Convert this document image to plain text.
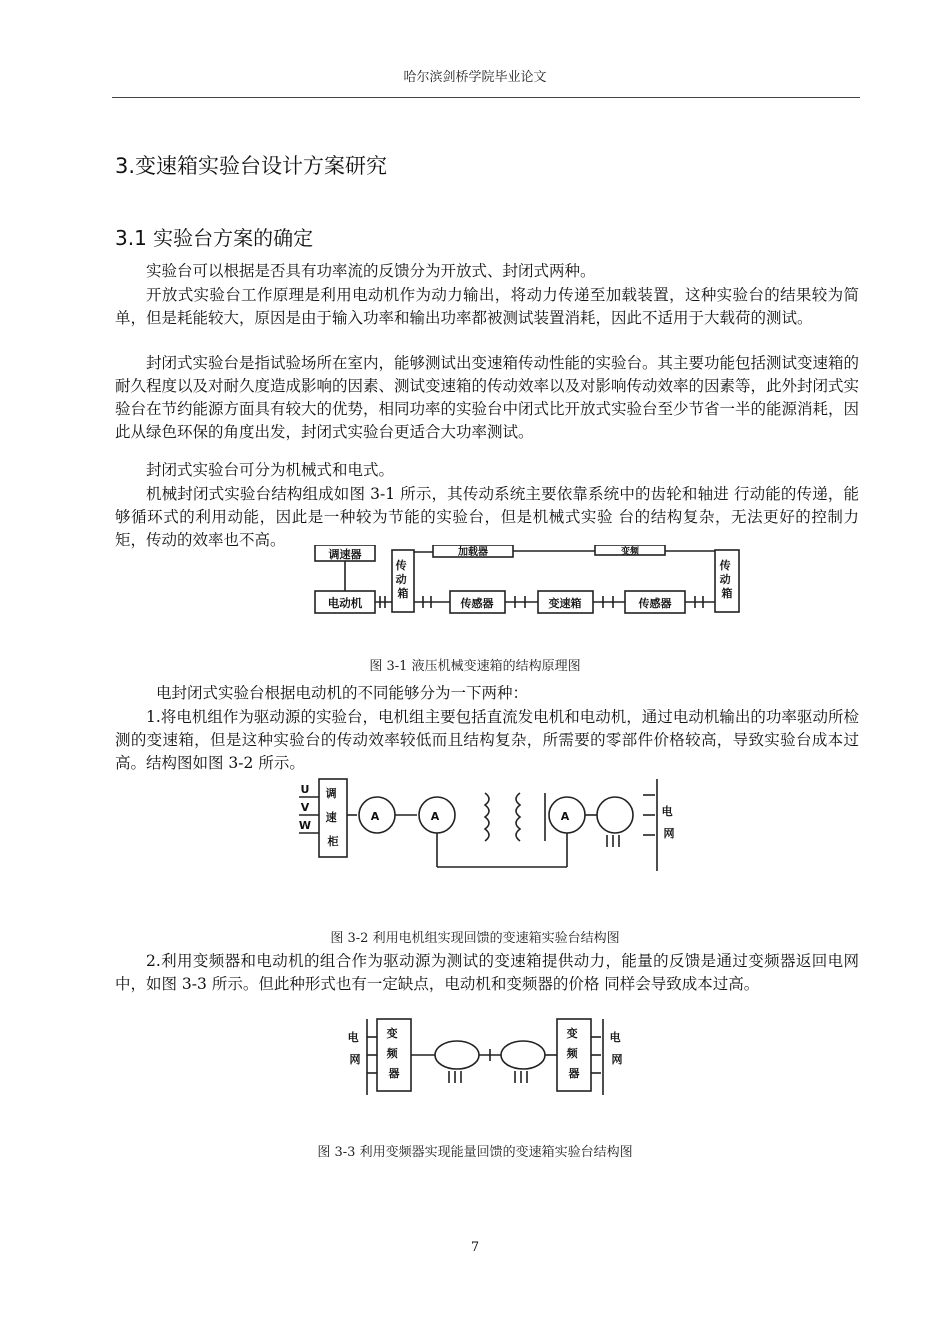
哈尔滨剑桥学院毕业论文
3.变速箱实验台设计方案研究
3.1 实验台方案的确定

实验台可以根据是否具有功率流的反馈分为开放式、封闭式两种。

开放式实验台工作原理是利用电动机作为动力输出，将动力传递至加载装置，这种实验台的结果较为简单，但是耗能较大，原因是由于输入功率和输出功率都被测试装置消耗，因此不适用于大载荷的测试。

封闭式实验台是指试验场所在室内，能够测试出变速箱传动性能的实验台。其主要功能包括测试变速箱的耐久程度以及对耐久度造成影响的因素、测试变速箱的传动效率以及对影响传动效率的因素等，此外封闭式实验台在节约能源方面具有较大的优势，相同功率的实验台中闭式比开放式实验台至少节省一半的能源消耗，因此从绿色环保的角度出发，封闭式实验台更适合大功率测试。

封闭式实验台可分为机械式和电式。

机械封闭式实验台结构组成如图 3-1 所示，其传动系统主要依靠系统中的齿轮和轴进 行动能的传递，能够循环式的利用动能，因此是一种较为节能的实验台，但是机械式实验 台的结构复杂，无法更好的控制力矩，传动的效率也不高。

调速器
电动机
传 动 箱
加载器	变频
传 动 箱
传感器	变速箱	传感器
图 3-1 液压机械变速箱的结构原理图

电封闭式实验台根据电动机的不同能够分为一下两种：

1.将电机组作为驱动源的实验台，电机组主要包括直流发电机和电动机，通过电动机输出的功率驱动所检测的变速箱，但是这种实验台的传动效率较低而且结构复杂，所需要的零部件价格较高，导致实验台成本过高。结构图如图 3-2 所示。

U
V
W
调 速 柜
A	A	A	电 网
图 3-2 利用电机组实现回馈的变速箱实验台结构图

2.利用变频器和电动机的组合作为驱动源为测试的变速箱提供动力，能量的反馈是通过变频器返回电网中，如图 3-3 所示。但此种形式也有一定缺点，电动机和变频器的价格 同样会导致成本过高。

电 网
变 频 器
变 频 器
电 网
图 3-3 利用变频器实现能量回馈的变速箱实验台结构图
7
